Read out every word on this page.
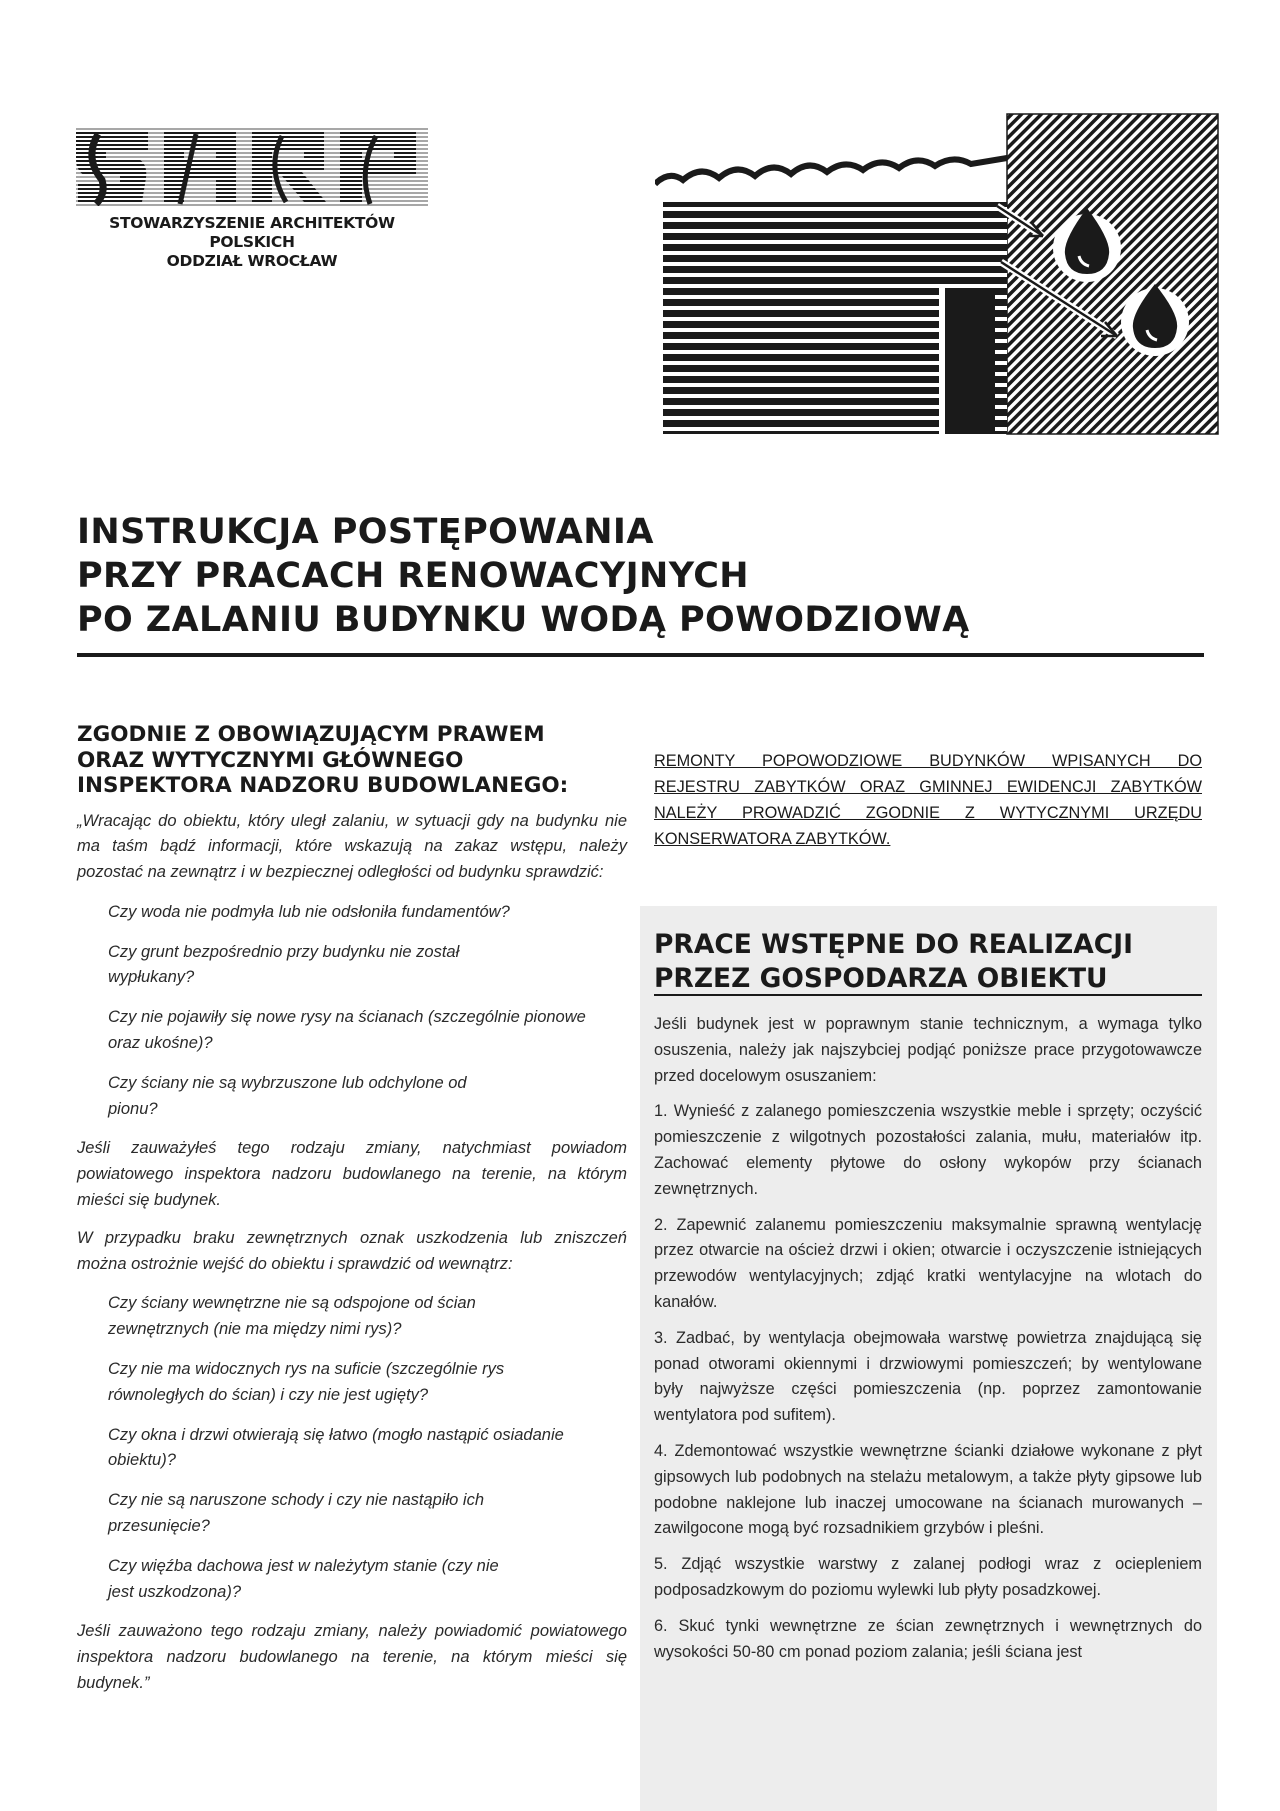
STOWARZYSZENIE ARCHITEKTÓW POLSKICH
ODDZIAŁ WROCŁAW
INSTRUKCJA POSTĘPOWANIA
PRZY PRACACH RENOWACYJNYCH
PO ZALANIU BUDYNKU WODĄ POWODZIOWĄ
ZGODNIE Z OBOWIĄZUJĄCYM PRAWEM
ORAZ WYTYCZNYMI GŁÓWNEGO
INSPEKTORA NADZORU BUDOWLANEGO:
„Wracając do obiektu, który uległ zalaniu, w sytuacji gdy na budynku nie ma taśm bądź informacji, które wskazują na zakaz wstępu, należy pozostać na zewnątrz i w bezpiecznej odległości od budynku sprawdzić:
Czy woda nie podmyła lub nie odsłoniła fundamentów?
Czy grunt bezpośrednio przy budynku nie został wypłukany?
Czy nie pojawiły się nowe rysy na ścianach (szczególnie pionowe oraz ukośne)?
Czy ściany nie są wybrzuszone lub odchylone od pionu?
Jeśli zauważyłeś tego rodzaju zmiany, natychmiast powiadom powiatowego inspektora nadzoru budowlanego na terenie, na którym mieści się budynek.
W przypadku braku zewnętrznych oznak uszkodzenia lub zniszczeń można ostrożnie wejść do obiektu i sprawdzić od wewnątrz:
Czy ściany wewnętrzne nie są odspojone od ścian zewnętrznych (nie ma między nimi rys)?
Czy nie ma widocznych rys na suficie (szczególnie rys równoległych do ścian) i czy nie jest ugięty?
Czy okna i drzwi otwierają się łatwo (mogło nastąpić osiadanie obiektu)?
Czy nie są naruszone schody i czy nie nastąpiło ich przesunięcie?
Czy więźba dachowa jest w należytym stanie (czy nie jest uszkodzona)?
Jeśli zauważono tego rodzaju zmiany, należy powiadomić powiatowego inspektora nadzoru budowlanego na terenie, na którym mieści się budynek.”
REMONTY POPOWODZIOWE BUDYNKÓW WPISANYCH DO REJESTRU ZABYTKÓW ORAZ GMINNEJ EWIDENCJI ZABYTKÓW NALEŻY PROWADZIĆ ZGODNIE Z WYTYCZNYMI URZĘDU KONSERWATORA ZABYTKÓW.
PRACE WSTĘPNE DO REALIZACJI
PRZEZ GOSPODARZA OBIEKTU

Jeśli budynek jest w poprawnym stanie technicznym, a wymaga tylko osuszenia, należy jak najszybciej podjąć poniższe prace przygotowawcze przed docelowym osuszaniem:

1. Wynieść z zalanego pomieszczenia wszystkie meble i sprzęty; oczyścić pomieszczenie z wilgotnych pozostałości zalania, mułu, materiałów itp. Zachować elementy płytowe do osłony wykopów przy ścianach zewnętrznych.

2. Zapewnić zalanemu pomieszczeniu maksymalnie sprawną wentylację przez otwarcie na oścież drzwi i okien; otwarcie i oczyszczenie istniejących przewodów wentylacyjnych; zdjąć kratki wentylacyjne na wlotach do kanałów.

3. Zadbać, by wentylacja obejmowała warstwę powietrza znajdującą się ponad otworami okiennymi i drzwiowymi pomieszczeń; by wentylowane były najwyższe części pomieszczenia (np. poprzez zamontowanie wentylatora pod sufitem).

4. Zdemontować wszystkie wewnętrzne ścianki działowe wykonane z płyt gipsowych lub podobnych na stelażu metalowym, a także płyty gipsowe lub podobne naklejone lub inaczej umocowane na ścianach murowanych – zawilgocone mogą być rozsadnikiem grzybów i pleśni.

5. Zdjąć wszystkie warstwy z zalanej podłogi wraz z ociepleniem podposadzkowym do poziomu wylewki lub płyty posadzkowej.

6. Skuć tynki wewnętrzne ze ścian zewnętrznych i wewnętrznych do wysokości 50-80 cm ponad poziom zalania; jeśli ściana jest
